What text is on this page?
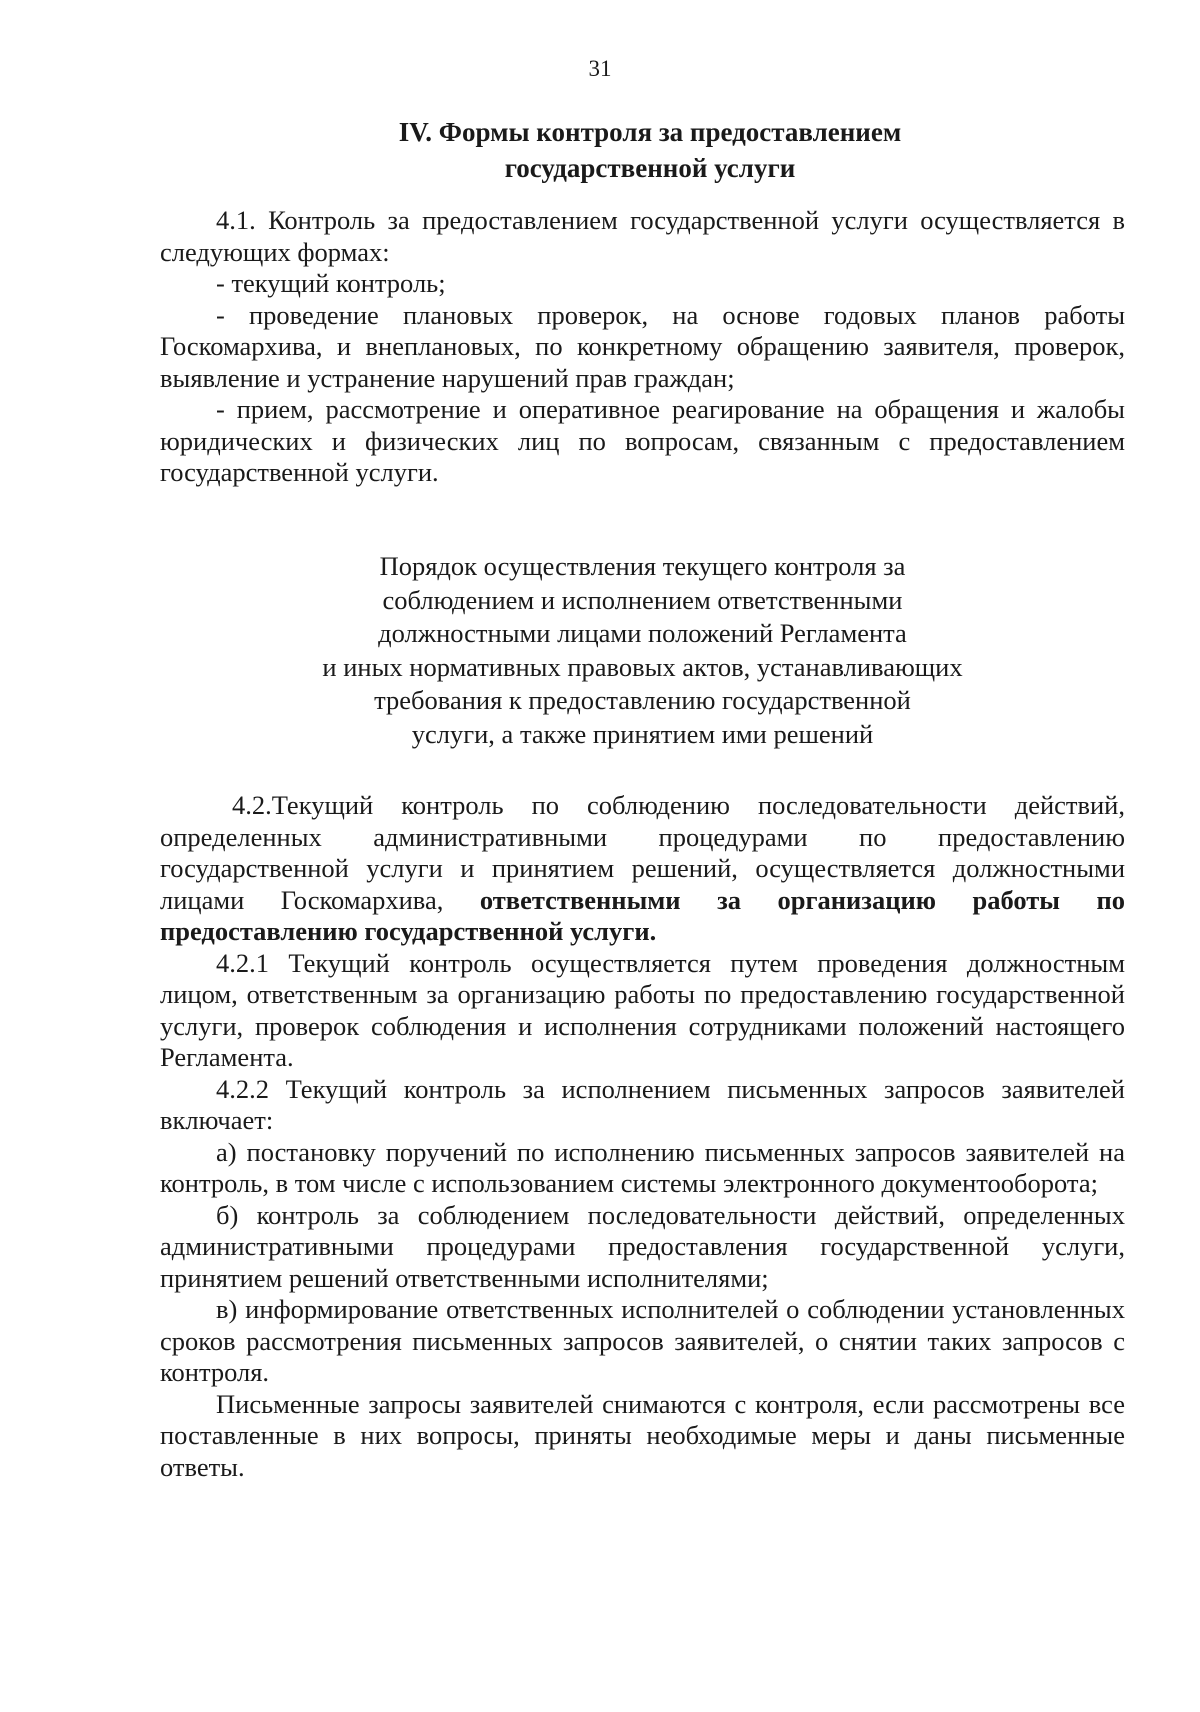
31
IV. Формы контроля за предоставлением
государственной услуги

4.1. Контроль за предоставлением государственной услуги осуществляется в следующих формах:

- текущий контроль;

- проведение плановых проверок, на основе годовых планов работы Госкомархива, и внеплановых, по конкретному обращению заявителя, проверок, выявление и устранение нарушений прав граждан;

- прием, рассмотрение и оперативное реагирование на обращения и жалобы юридических и физических лиц по вопросам, связанным с предоставлением государственной услуги.

Порядок осуществления текущего контроля за
соблюдением и исполнением ответственными
должностными лицами положений Регламента
и иных нормативных правовых актов, устанавливающих
требования к предоставлению государственной
услуги, а также принятием ими решений

4.2.Текущий контроль по соблюдению последовательности действий, определенных административными процедурами по предоставлению государственной услуги и принятием решений, осуществляется должностными лицами Госкомархива, ответственными за организацию работы по предоставлению государственной услуги.

4.2.1 Текущий контроль осуществляется путем проведения должностным лицом, ответственным за организацию работы по предоставлению государственной услуги, проверок соблюдения и исполнения сотрудниками положений настоящего Регламента.

4.2.2 Текущий контроль за исполнением письменных запросов заявителей включает:

а) постановку поручений по исполнению письменных запросов заявителей на контроль, в том числе с использованием системы электронного документооборота;

б) контроль за соблюдением последовательности действий, определенных административными процедурами предоставления государственной услуги, принятием решений ответственными исполнителями;

в) информирование ответственных исполнителей о соблюдении установленных сроков рассмотрения письменных запросов заявителей, о снятии таких запросов с контроля.

Письменные запросы заявителей снимаются с контроля, если рассмотрены все поставленные в них вопросы, приняты необходимые меры и даны письменные ответы.
